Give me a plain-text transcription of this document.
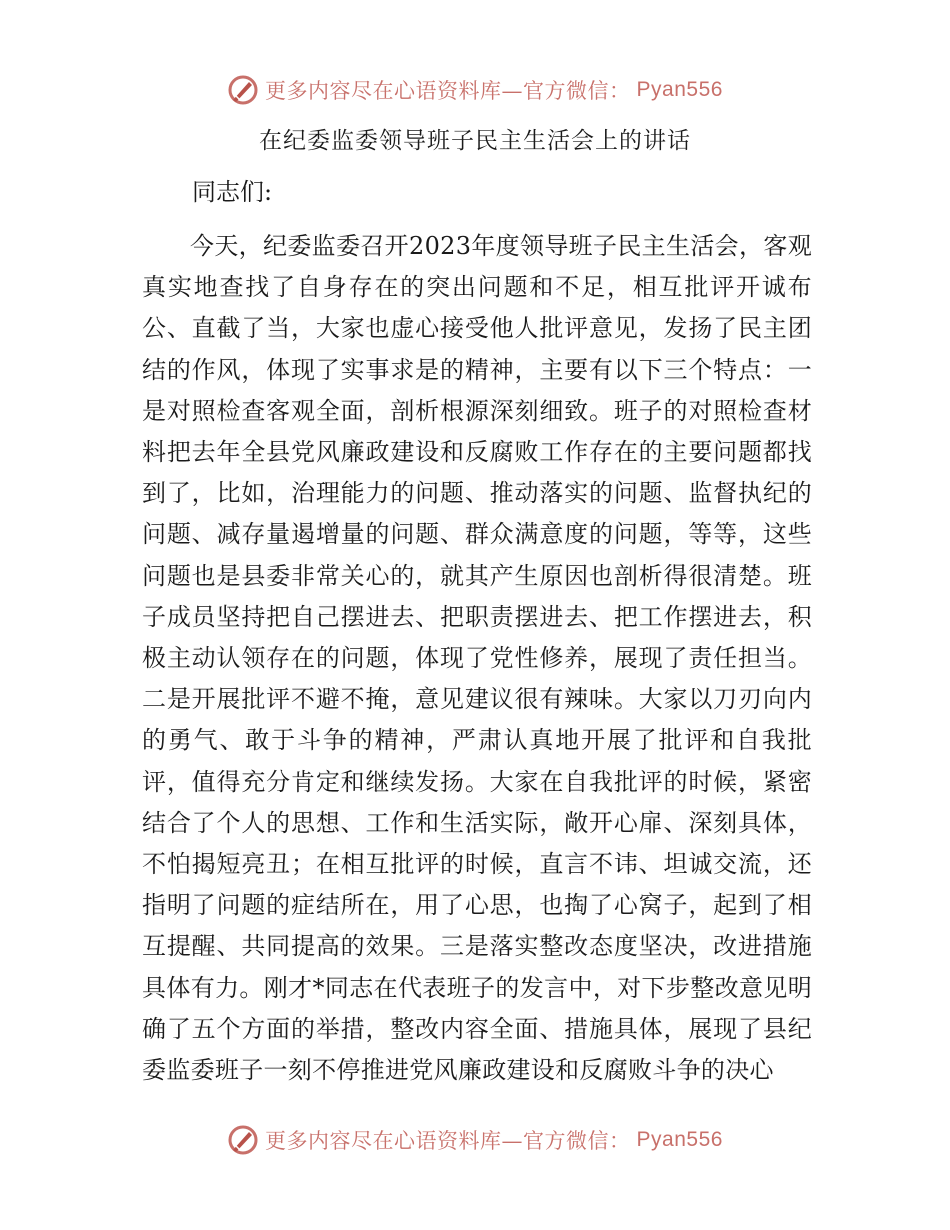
更多内容尽在心语资料库—官方微信： Pyan556
在纪委监委领导班子民主生活会上的讲话

同志们:

今天，纪委监委召开2023年度领导班子民主生活会，客观真实地查找了自身存在的突出问题和不足，相互批评开诚布公、直截了当，大家也虚心接受他人批评意见，发扬了民主团结的作风，体现了实事求是的精神，主要有以下三个特点：一是对照检查客观全面，剖析根源深刻细致。班子的对照检查材料把去年全县党风廉政建设和反腐败工作存在的主要问题都找到了，比如，治理能力的问题、推动落实的问题、监督执纪的问题、减存量遏增量的问题、群众满意度的问题，等等，这些问题也是县委非常关心的，就其产生原因也剖析得很清楚。班子成员坚持把自己摆进去、把职责摆进去、把工作摆进去，积极主动认领存在的问题，体现了党性修养，展现了责任担当。二是开展批评不避不掩，意见建议很有辣味。大家以刀刃向内的勇气、敢于斗争的精神，严肃认真地开展了批评和自我批评，值得充分肯定和继续发扬。大家在自我批评的时候，紧密结合了个人的思想、工作和生活实际，敞开心扉、深刻具体，不怕揭短亮丑；在相互批评的时候，直言不讳、坦诚交流，还指明了问题的症结所在，用了心思，也掏了心窝子，起到了相互提醒、共同提高的效果。三是落实整改态度坚决，改进措施具体有力。刚才*同志在代表班子的发言中，对下步整改意见明确了五个方面的举措，整改内容全面、措施具体，展现了县纪委监委班子一刻不停推进党风廉政建设和反腐败斗争的决心

更多内容尽在心语资料库—官方微信： Pyan556
